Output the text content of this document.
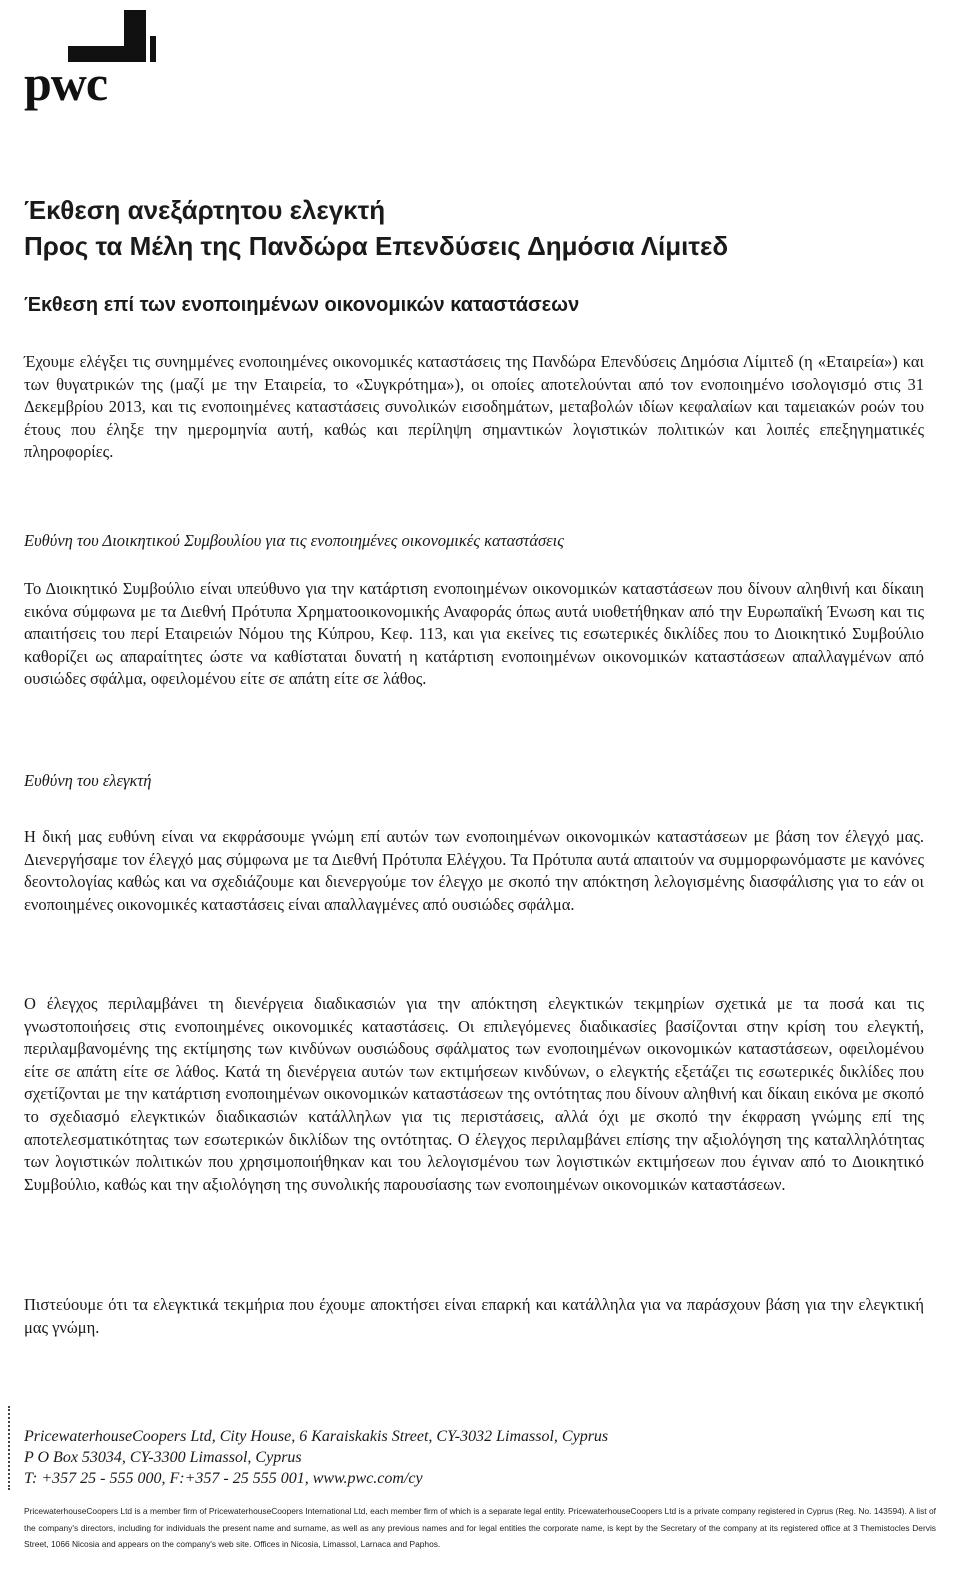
pwc
Έκθεση ανεξάρτητου ελεγκτή
Προς τα Μέλη της Πανδώρα Επενδύσεις Δημόσια Λίμιτεδ
Έκθεση επί των ενοποιημένων οικονομικών καταστάσεων

Έχουμε ελέγξει τις συνημμένες ενοποιημένες οικονομικές καταστάσεις της Πανδώρα Επενδύσεις Δημόσια Λίμιτεδ (η «Εταιρεία») και των θυγατρικών της (μαζί με την Εταιρεία, το «Συγκρότημα»), οι οποίες αποτελούνται από τον ενοποιημένο ισολογισμό στις 31 Δεκεμβρίου 2013, και τις ενοποιημένες καταστάσεις συνολικών εισοδημάτων, μεταβολών ιδίων κεφαλαίων και ταμειακών ροών του έτους που έληξε την ημερομηνία αυτή, καθώς και περίληψη σημαντικών λογιστικών πολιτικών και λοιπές επεξηγηματικές πληροφορίες.

Ευθύνη του Διοικητικού Συμβουλίου για τις ενοποιημένες οικονομικές καταστάσεις

Το Διοικητικό Συμβούλιο είναι υπεύθυνο για την κατάρτιση ενοποιημένων οικονομικών καταστάσεων που δίνουν αληθινή και δίκαιη εικόνα σύμφωνα με τα Διεθνή Πρότυπα Χρηματοοικονομικής Αναφοράς όπως αυτά υιοθετήθηκαν από την Ευρωπαϊκή Ένωση και τις απαιτήσεις του περί Εταιρειών Νόμου της Κύπρου, Κεφ. 113, και για εκείνες τις εσωτερικές δικλίδες που το Διοικητικό Συμβούλιο καθορίζει ως απαραίτητες ώστε να καθίσταται δυνατή η κατάρτιση ενοποιημένων οικονομικών καταστάσεων απαλλαγμένων από ουσιώδες σφάλμα, οφειλομένου είτε σε απάτη είτε σε λάθος.

Ευθύνη του ελεγκτή

Η δική μας ευθύνη είναι να εκφράσουμε γνώμη επί αυτών των ενοποιημένων οικονομικών καταστάσεων με βάση τον έλεγχό μας. Διενεργήσαμε τον έλεγχό μας σύμφωνα με τα Διεθνή Πρότυπα Ελέγχου. Τα Πρότυπα αυτά απαιτούν να συμμορφωνόμαστε με κανόνες δεοντολογίας καθώς και να σχεδιάζουμε και διενεργούμε τον έλεγχο με σκοπό την απόκτηση λελογισμένης διασφάλισης για το εάν οι ενοποιημένες οικονομικές καταστάσεις είναι απαλλαγμένες από ουσιώδες σφάλμα.

Ο έλεγχος περιλαμβάνει τη διενέργεια διαδικασιών για την απόκτηση ελεγκτικών τεκμηρίων σχετικά με τα ποσά και τις γνωστοποιήσεις στις ενοποιημένες οικονομικές καταστάσεις. Οι επιλεγόμενες διαδικασίες βασίζονται στην κρίση του ελεγκτή, περιλαμβανομένης της εκτίμησης των κινδύνων ουσιώδους σφάλματος των ενοποιημένων οικονομικών καταστάσεων, οφειλομένου είτε σε απάτη είτε σε λάθος. Κατά τη διενέργεια αυτών των εκτιμήσεων κινδύνων, ο ελεγκτής εξετάζει τις εσωτερικές δικλίδες που σχετίζονται με την κατάρτιση ενοποιημένων οικονομικών καταστάσεων της οντότητας που δίνουν αληθινή και δίκαιη εικόνα με σκοπό το σχεδιασμό ελεγκτικών διαδικασιών κατάλληλων για τις περιστάσεις, αλλά όχι με σκοπό την έκφραση γνώμης επί της αποτελεσματικότητας των εσωτερικών δικλίδων της οντότητας. Ο έλεγχος περιλαμβάνει επίσης την αξιολόγηση της καταλληλότητας των λογιστικών πολιτικών που χρησιμοποιήθηκαν και του λελογισμένου των λογιστικών εκτιμήσεων που έγιναν από το Διοικητικό Συμβούλιο, καθώς και την αξιολόγηση της συνολικής παρουσίασης των ενοποιημένων οικονομικών καταστάσεων.

Πιστεύουμε ότι τα ελεγκτικά τεκμήρια που έχουμε αποκτήσει είναι επαρκή και κατάλληλα για να παράσχουν βάση για την ελεγκτική μας γνώμη.

PricewaterhouseCoopers Ltd, City House, 6 Karaiskakis Street, CY-3032 Limassol, Cyprus
P O Box 53034, CY-3300 Limassol, Cyprus
T: +357 25 - 555 000, F:+357 - 25 555 001, www.pwc.com/cy

PricewaterhouseCoopers Ltd is a member firm of PricewaterhouseCoopers International Ltd, each member firm of which is a separate legal entity. PricewaterhouseCoopers Ltd is a private company registered in Cyprus (Reg. No. 143594). A list of the company's directors, including for individuals the present name and surname, as well as any previous names and for legal entities the corporate name, is kept by the Secretary of the company at its registered office at 3 Themistocles Dervis Street, 1066 Nicosia and appears on the company's web site. Offices in Nicosia, Limassol, Larnaca and Paphos.
